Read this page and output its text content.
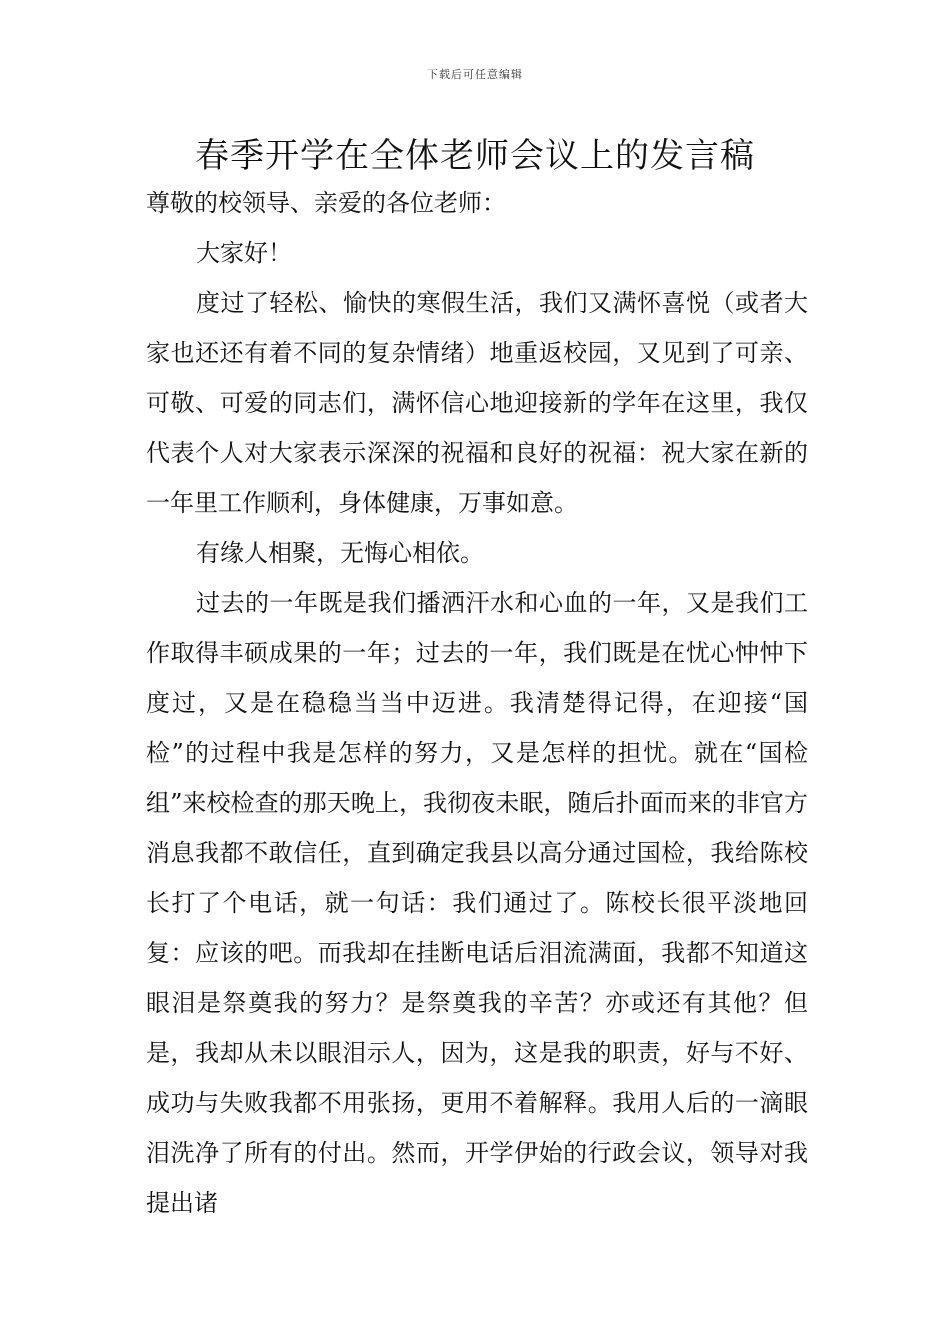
下载后可任意编辑
春季开学在全体老师会议上的发言稿

尊敬的校领导、亲爱的各位老师：

大家好！

度过了轻松、愉快的寒假生活，我们又满怀喜悦（或者大家也还还有着不同的复杂情绪）地重返校园，又见到了可亲、可敬、可爱的同志们，满怀信心地迎接新的学年在这里，我仅代表个人对大家表示深深的祝福和良好的祝福：祝大家在新的一年里工作顺利，身体健康，万事如意。

有缘人相聚，无悔心相依。

过去的一年既是我们播洒汗水和心血的一年，又是我们工作取得丰硕成果的一年；过去的一年，我们既是在忧心忡忡下度过，又是在稳稳当当中迈进。我清楚得记得，在迎接“国检”的过程中我是怎样的努力，又是怎样的担忧。就在“国检组”来校检查的那天晚上，我彻夜未眠，随后扑面而来的非官方消息我都不敢信任，直到确定我县以高分通过国检，我给陈校长打了个电话，就一句话：我们通过了。陈校长很平淡地回复：应该的吧。而我却在挂断电话后泪流满面，我都不知道这眼泪是祭奠我的努力？是祭奠我的辛苦？亦或还有其他？但是，我却从未以眼泪示人，因为，这是我的职责，好与不好、成功与失败我都不用张扬，更用不着解释。我用人后的一滴眼泪洗净了所有的付出。然而，开学伊始的行政会议，领导对我提出诸
